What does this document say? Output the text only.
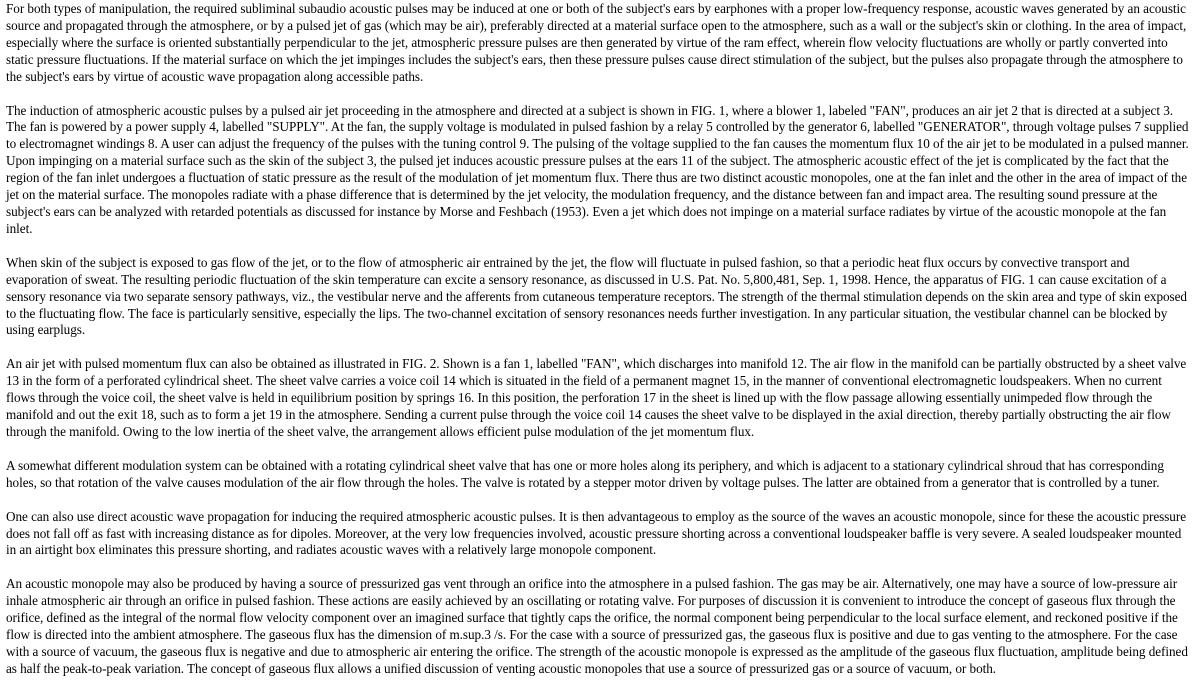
For both types of manipulation, the required subliminal subaudio acoustic pulses may be induced at one or both of the subject's ears by earphones with a proper low-frequency response, acoustic waves generated by an acoustic source and propagated through the atmosphere, or by a pulsed jet of gas (which may be air), preferably directed at a material surface open to the atmosphere, such as a wall or the subject's skin or clothing. In the area of impact, especially where the surface is oriented substantially perpendicular to the jet, atmospheric pressure pulses are then generated by virtue of the ram effect, wherein flow velocity fluctuations are wholly or partly converted into static pressure fluctuations. If the material surface on which the jet impinges includes the subject's ears, then these pressure pulses cause direct stimulation of the subject, but the pulses also propagate through the atmosphere to the subject's ears by virtue of acoustic wave propagation along accessible paths.

The induction of atmospheric acoustic pulses by a pulsed air jet proceeding in the atmosphere and directed at a subject is shown in FIG. 1, where a blower 1, labeled "FAN", produces an air jet 2 that is directed at a subject 3. The fan is powered by a power supply 4, labelled "SUPPLY". At the fan, the supply voltage is modulated in pulsed fashion by a relay 5 controlled by the generator 6, labelled "GENERATOR", through voltage pulses 7 supplied to electromagnet windings 8. A user can adjust the frequency of the pulses with the tuning control 9. The pulsing of the voltage supplied to the fan causes the momentum flux 10 of the air jet to be modulated in a pulsed manner. Upon impinging on a material surface such as the skin of the subject 3, the pulsed jet induces acoustic pressure pulses at the ears 11 of the subject. The atmospheric acoustic effect of the jet is complicated by the fact that the region of the fan inlet undergoes a fluctuation of static pressure as the result of the modulation of jet momentum flux. There thus are two distinct acoustic monopoles, one at the fan inlet and the other in the area of impact of the jet on the material surface. The monopoles radiate with a phase difference that is determined by the jet velocity, the modulation frequency, and the distance between fan and impact area. The resulting sound pressure at the subject's ears can be analyzed with retarded potentials as discussed for instance by Morse and Feshbach (1953). Even a jet which does not impinge on a material surface radiates by virtue of the acoustic monopole at the fan inlet.

When skin of the subject is exposed to gas flow of the jet, or to the flow of atmospheric air entrained by the jet, the flow will fluctuate in pulsed fashion, so that a periodic heat flux occurs by convective transport and evaporation of sweat. The resulting periodic fluctuation of the skin temperature can excite a sensory resonance, as discussed in U.S. Pat. No. 5,800,481, Sep. 1, 1998. Hence, the apparatus of FIG. 1 can cause excitation of a sensory resonance via two separate sensory pathways, viz., the vestibular nerve and the afferents from cutaneous temperature receptors. The strength of the thermal stimulation depends on the skin area and type of skin exposed to the fluctuating flow. The face is particularly sensitive, especially the lips. The two-channel excitation of sensory resonances needs further investigation. In any particular situation, the vestibular channel can be blocked by using earplugs.

An air jet with pulsed momentum flux can also be obtained as illustrated in FIG. 2. Shown is a fan 1, labelled "FAN", which discharges into manifold 12. The air flow in the manifold can be partially obstructed by a sheet valve 13 in the form of a perforated cylindrical sheet. The sheet valve carries a voice coil 14 which is situated in the field of a permanent magnet 15, in the manner of conventional electromagnetic loudspeakers. When no current flows through the voice coil, the sheet valve is held in equilibrium position by springs 16. In this position, the perforation 17 in the sheet is lined up with the flow passage allowing essentially unimpeded flow through the manifold and out the exit 18, such as to form a jet 19 in the atmosphere. Sending a current pulse through the voice coil 14 causes the sheet valve to be displayed in the axial direction, thereby partially obstructing the air flow through the manifold. Owing to the low inertia of the sheet valve, the arrangement allows efficient pulse modulation of the jet momentum flux.

A somewhat different modulation system can be obtained with a rotating cylindrical sheet valve that has one or more holes along its periphery, and which is adjacent to a stationary cylindrical shroud that has corresponding holes, so that rotation of the valve causes modulation of the air flow through the holes. The valve is rotated by a stepper motor driven by voltage pulses. The latter are obtained from a generator that is controlled by a tuner.

One can also use direct acoustic wave propagation for inducing the required atmospheric acoustic pulses. It is then advantageous to employ as the source of the waves an acoustic monopole, since for these the acoustic pressure does not fall off as fast with increasing distance as for dipoles. Moreover, at the very low frequencies involved, acoustic pressure shorting across a conventional loudspeaker baffle is very severe. A sealed loudspeaker mounted in an airtight box eliminates this pressure shorting, and radiates acoustic waves with a relatively large monopole component.

An acoustic monopole may also be produced by having a source of pressurized gas vent through an orifice into the atmosphere in a pulsed fashion. The gas may be air. Alternatively, one may have a source of low-pressure air inhale atmospheric air through an orifice in pulsed fashion. These actions are easily achieved by an oscillating or rotating valve. For purposes of discussion it is convenient to introduce the concept of gaseous flux through the orifice, defined as the integral of the normal flow velocity component over an imagined surface that tightly caps the orifice, the normal component being perpendicular to the local surface element, and reckoned positive if the flow is directed into the ambient atmosphere. The gaseous flux has the dimension of m.sup.3 /s. For the case with a source of pressurized gas, the gaseous flux is positive and due to gas venting to the atmosphere. For the case with a source of vacuum, the gaseous flux is negative and due to atmospheric air entering the orifice. The strength of the acoustic monopole is expressed as the amplitude of the gaseous flux fluctuation, amplitude being defined as half the peak-to-peak variation. The concept of gaseous flux allows a unified discussion of venting acoustic monopoles that use a source of pressurized gas or a source of vacuum, or both.
